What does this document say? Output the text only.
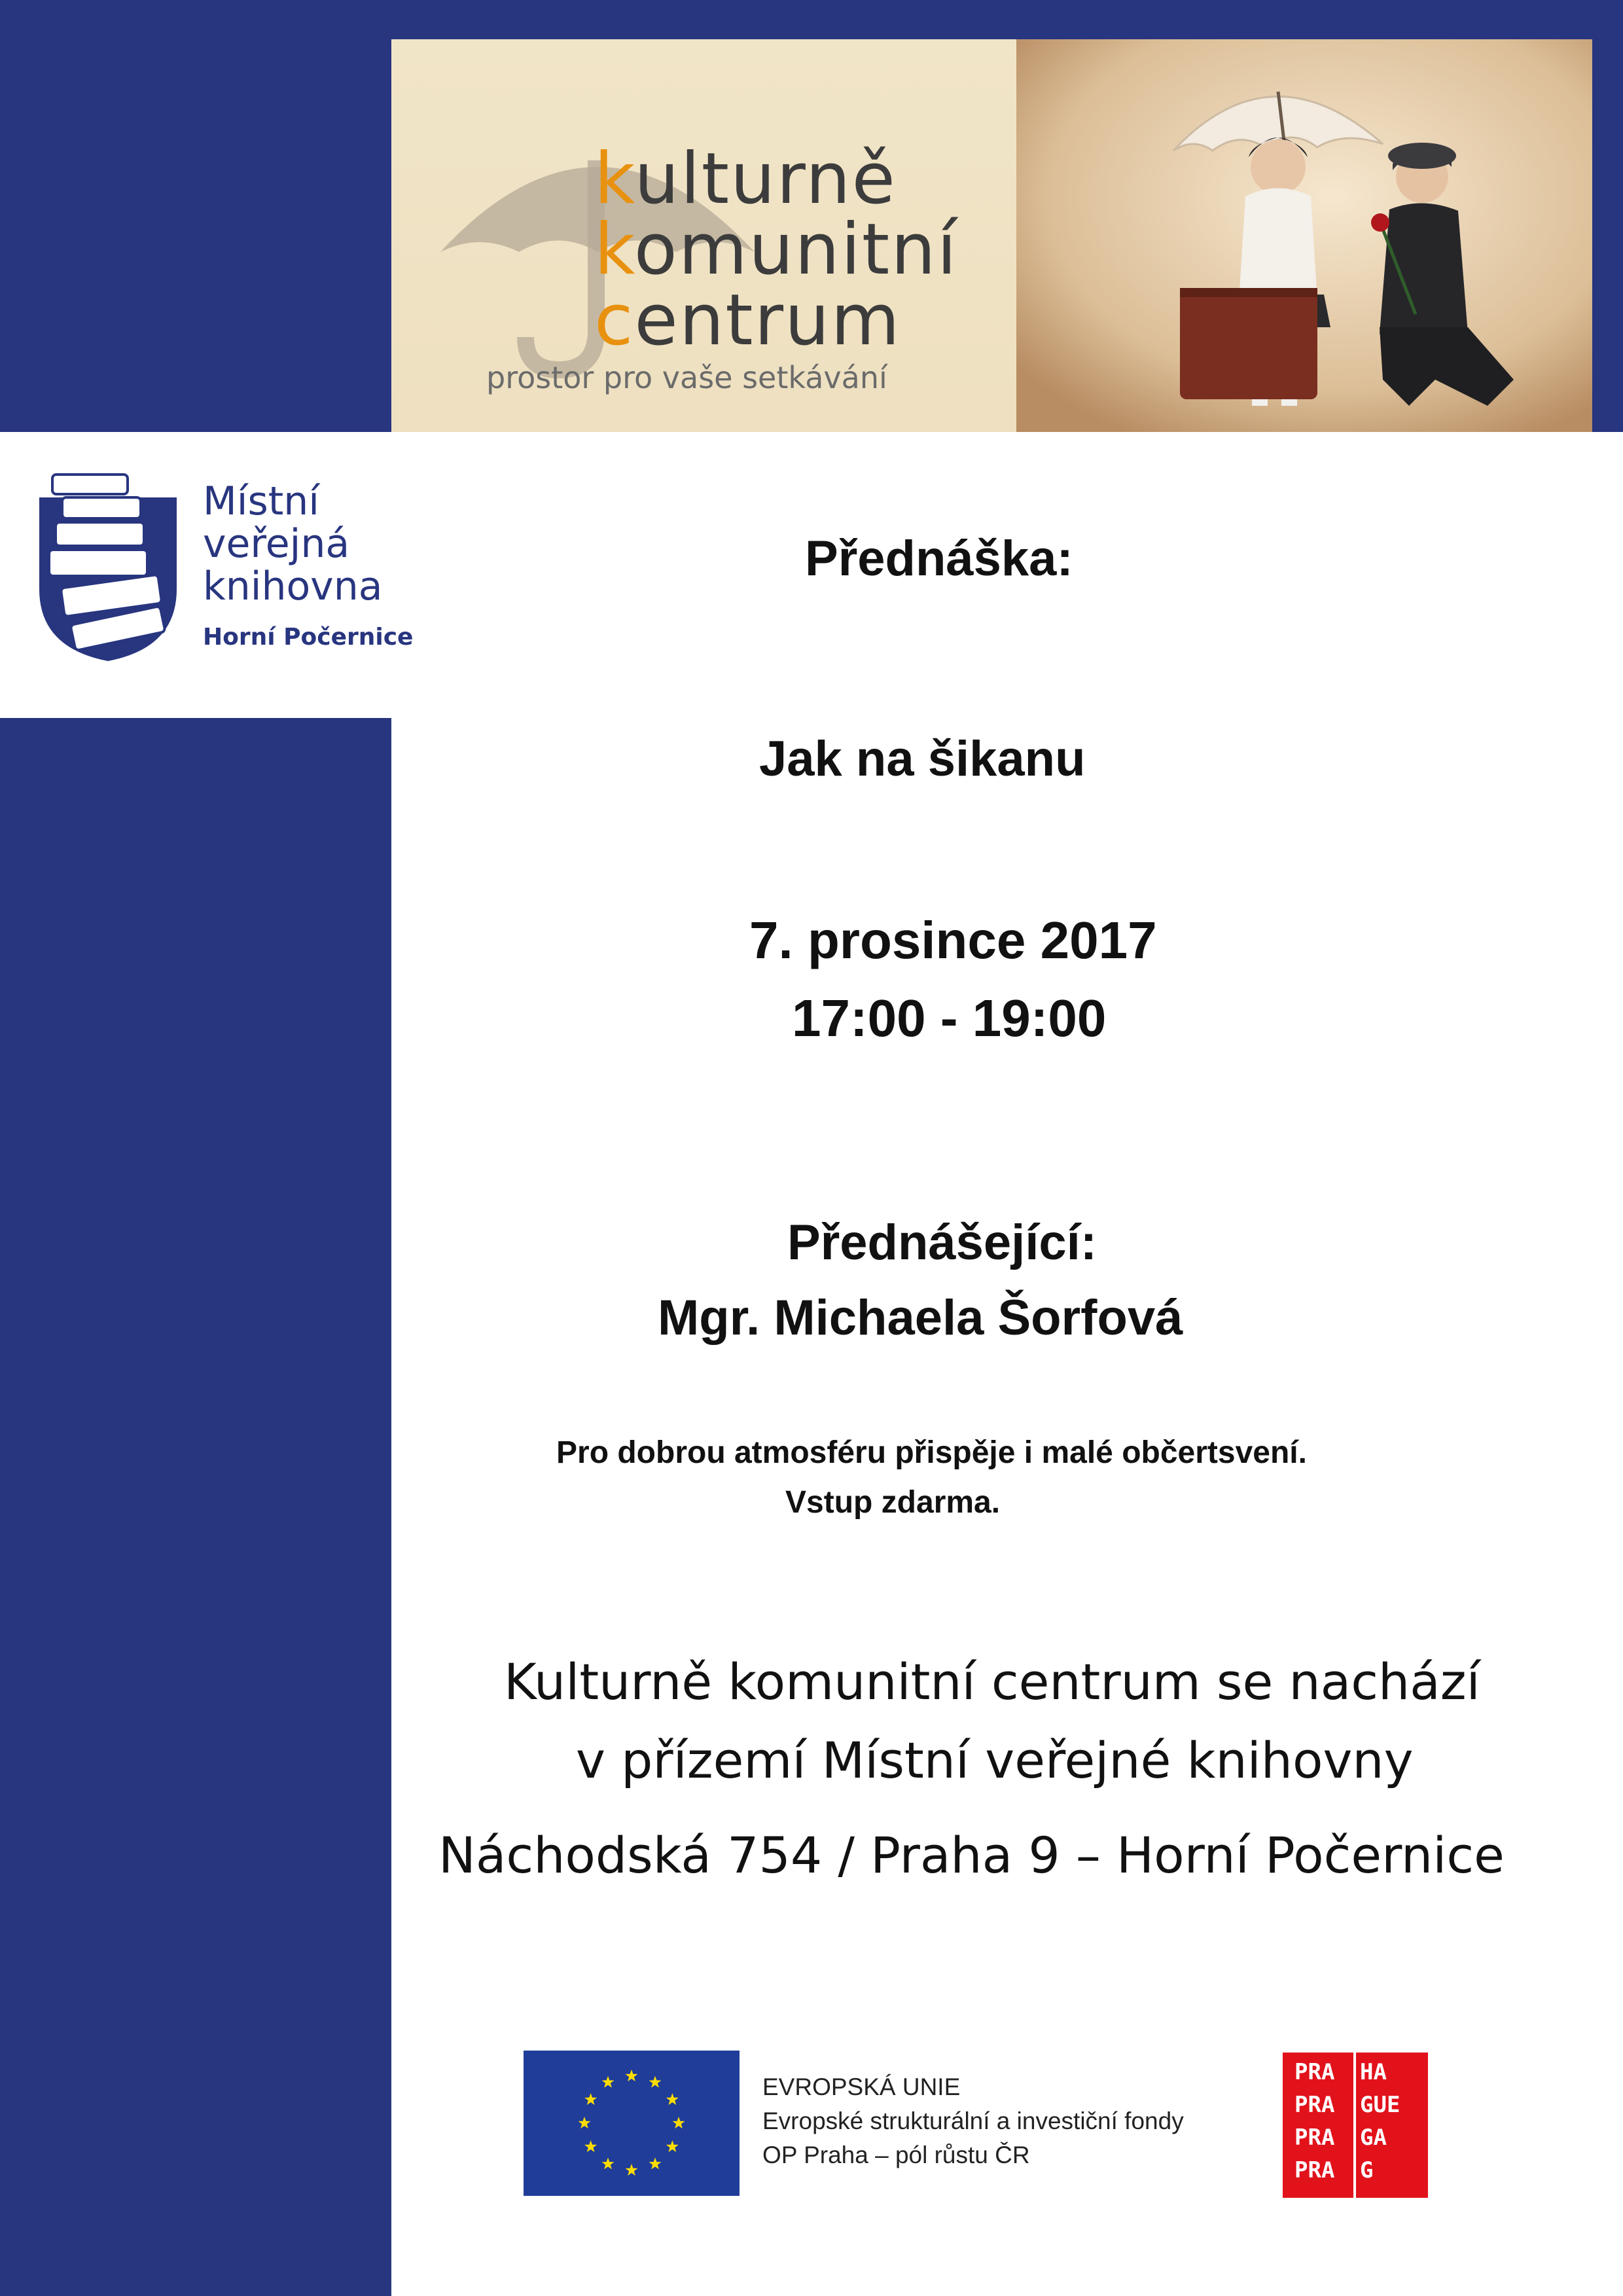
kulturně
komunitní
centrum
prostor pro vaše setkávání
Místní
veřejná
knihovna
Horní Počernice
Přednáška:
Jak na šikanu
7. prosince 2017
17:00 - 19:00
Přednášející:
Mgr. Michaela Šorfová
Pro dobrou atmosféru přispěje i malé občertsvení.
Vstup zdarma.
Kulturně komunitní centrum se nachází
v přízemí Místní veřejné knihovny
Náchodská 754 / Praha 9 – Horní Počernice
EVROPSKÁ UNIE
Evropské strukturální a investiční fondy
OP Praha – pól růstu ČR
PRA HA
PRA GUE
PRA GA
PRA G
